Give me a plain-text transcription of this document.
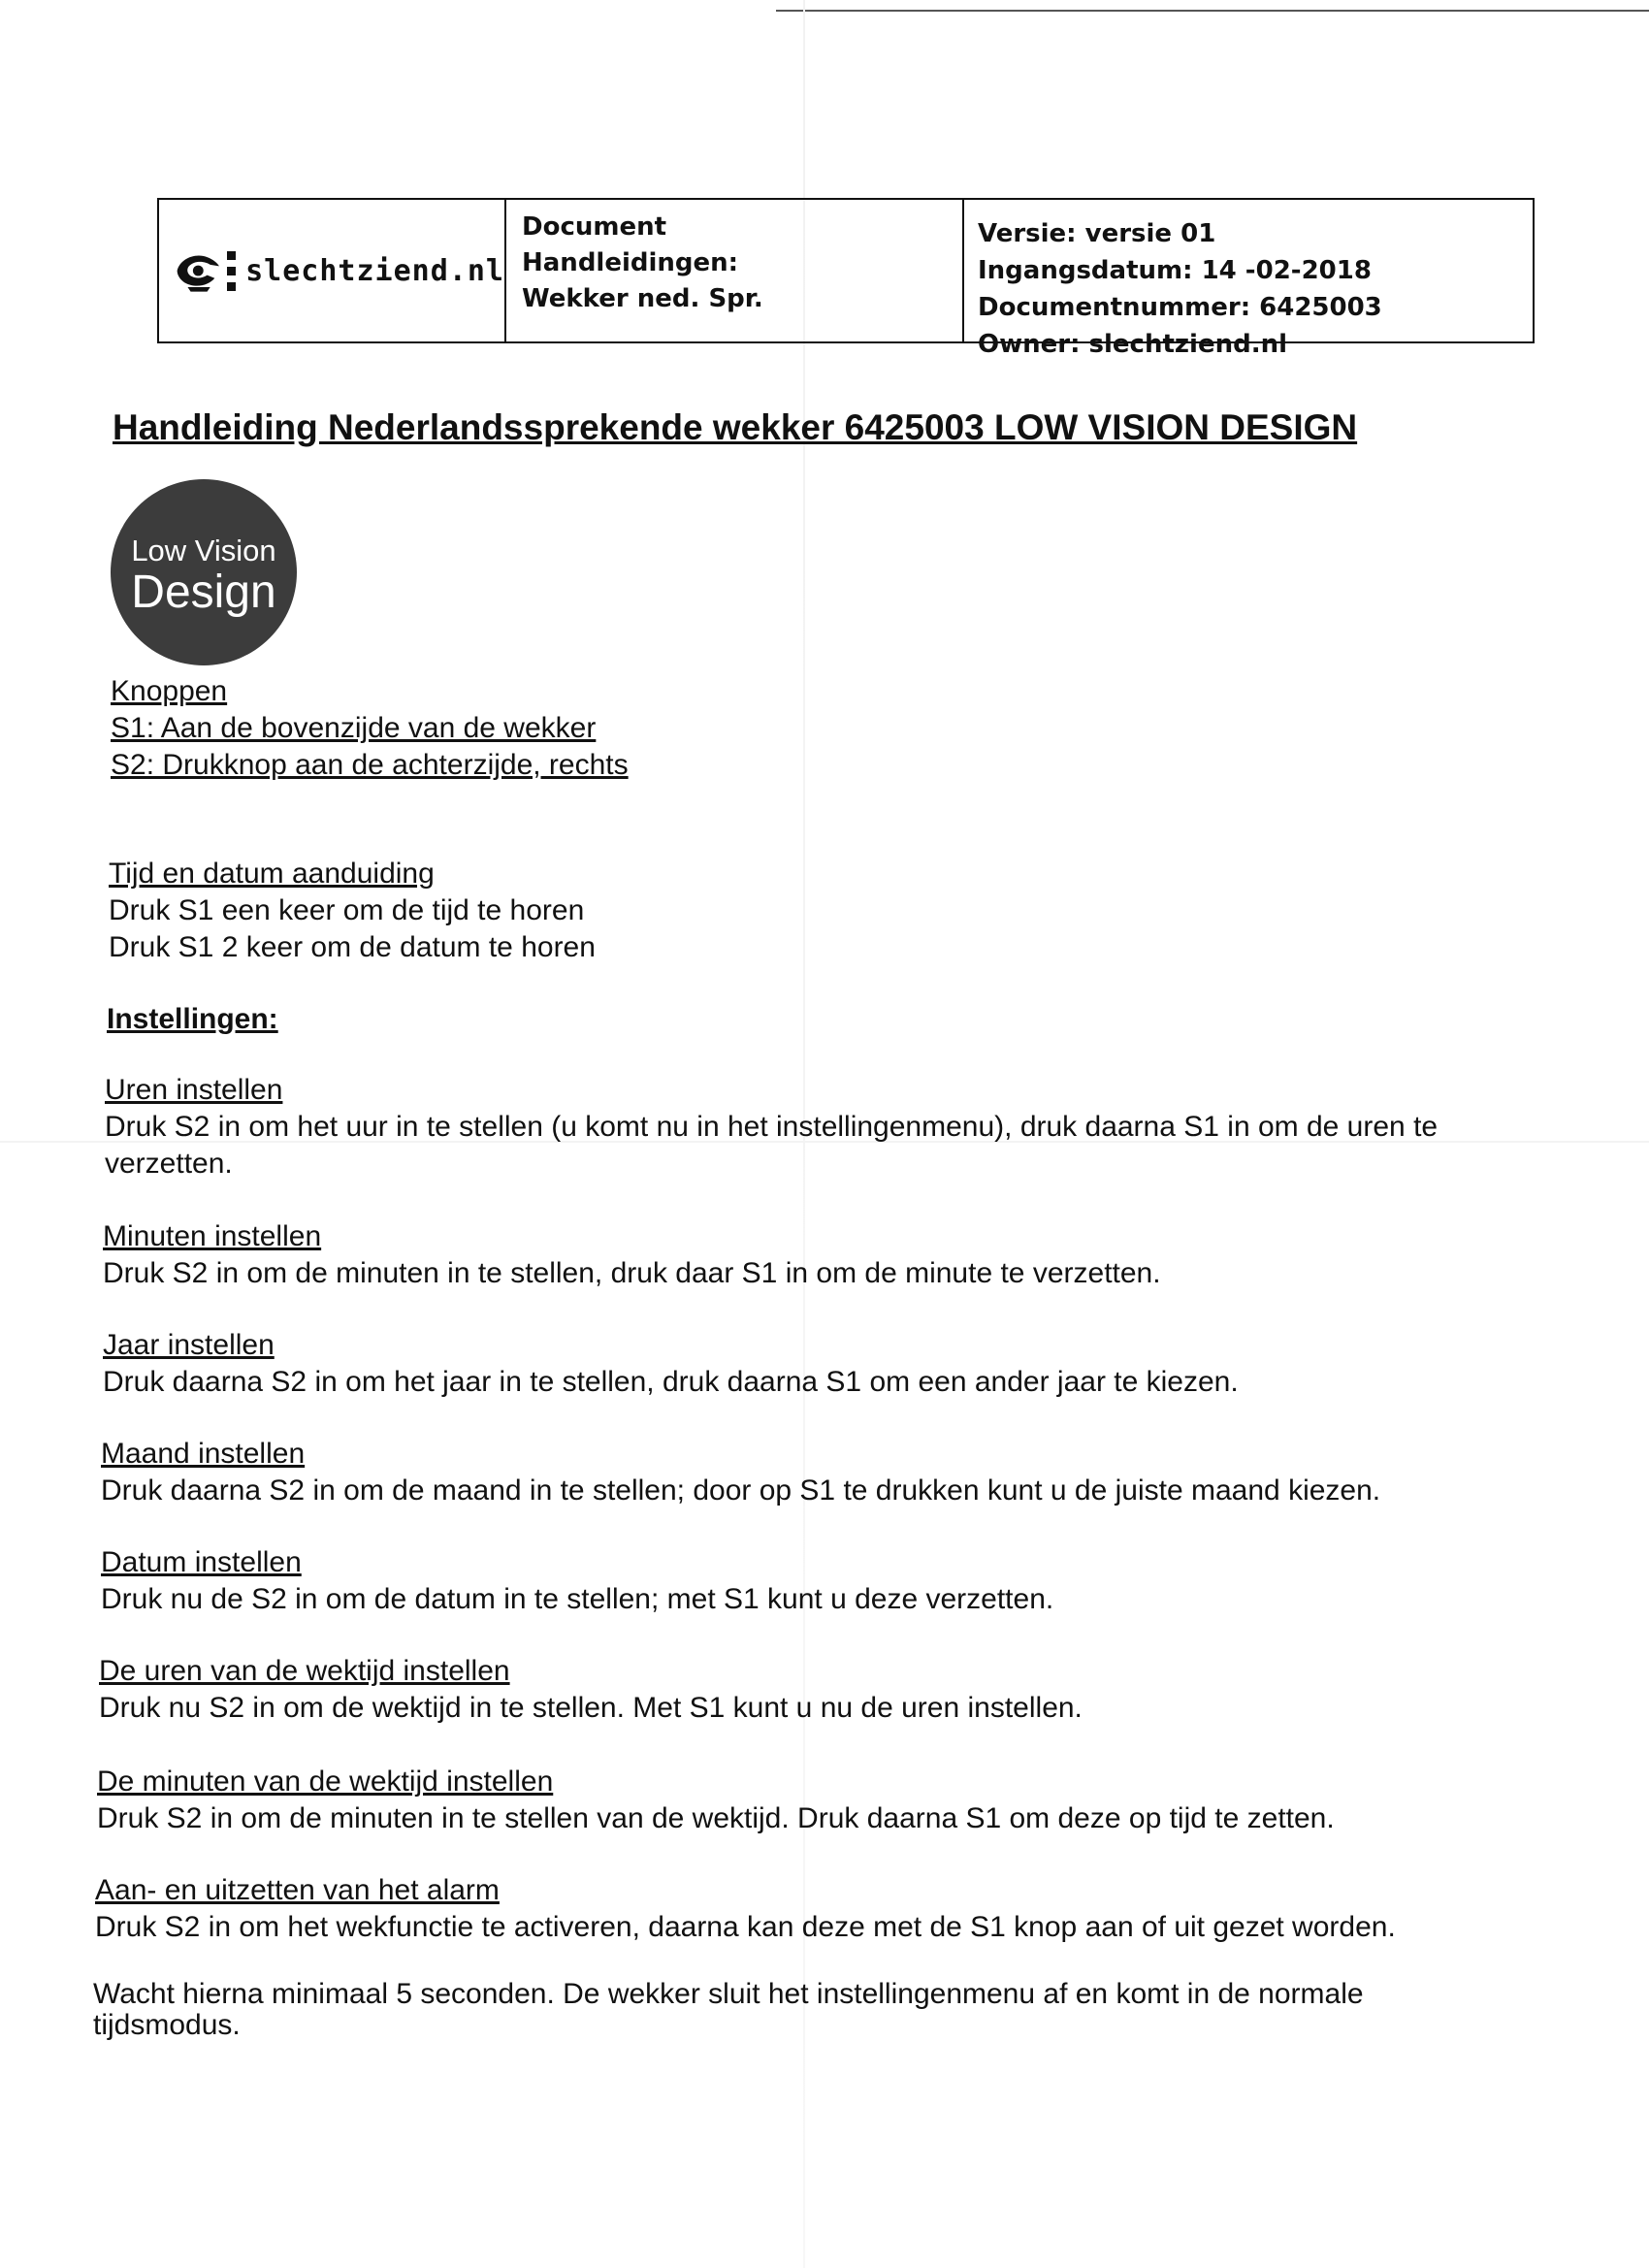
slechtziend.nl
Document
Handleidingen:
Wekker ned. Spr.
Versie: versie 01
Ingangsdatum: 14 -02-2018
Documentnummer: 6425003
Owner: slechtziend.nl
Handleiding Nederlandssprekende wekker 6425003 LOW VISION DESIGN
Low Vision
Design
Knoppen
S1: Aan de bovenzijde van de wekker
S2: Drukknop aan de achterzijde, rechts
Tijd en datum aanduiding
Druk S1 een keer om de tijd te horen
Druk S1 2 keer om de datum te horen
Instellingen:
Uren instellen
Druk S2 in om het uur in te stellen (u komt nu in het instellingenmenu), druk daarna S1 in om de uren te
verzetten.
Minuten instellen
Druk S2 in om de minuten in te stellen, druk daar S1 in om de minute te verzetten.
Jaar instellen
Druk daarna S2 in om het jaar in te stellen, druk daarna S1 om een ander jaar te kiezen.
Maand instellen
Druk daarna S2 in om de maand in te stellen; door op S1 te drukken kunt u de juiste maand kiezen.
Datum instellen
Druk nu de S2 in om de datum in te stellen; met S1 kunt u deze verzetten.
De uren van de wektijd instellen
Druk nu S2 in om de wektijd in te stellen. Met S1 kunt u nu de uren instellen.
De minuten van de wektijd instellen
Druk S2 in om de minuten in te stellen van de wektijd. Druk daarna S1 om deze op tijd te zetten.
Aan- en uitzetten van het alarm
Druk S2 in om het wekfunctie te activeren, daarna kan deze met de S1 knop aan of uit gezet worden.
Wacht hierna minimaal 5 seconden. De wekker sluit het instellingenmenu af en komt in de normale
tijdsmodus.
